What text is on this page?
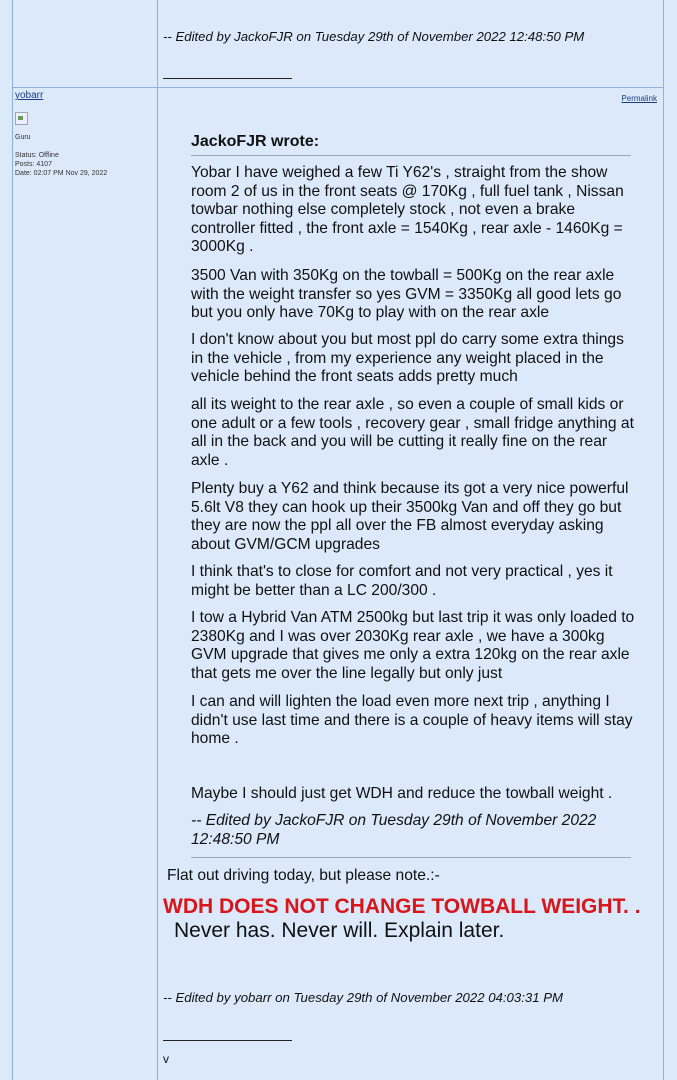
-- Edited by JackoFJR on Tuesday 29th of November 2022 12:48:50 PM
yobarr
Guru
Status: Offline
Posts: 4107
Date: 02:07 PM Nov 29, 2022
Permalink
JackoFJR wrote:
Yobar I have weighed a few Ti Y62's , straight from the show room 2 of us in the front seats @ 170Kg , full fuel tank , Nissan towbar nothing else completely stock , not even a brake controller fitted , the front axle = 1540Kg , rear axle - 1460Kg = 3000Kg .
3500 Van with 350Kg on the towball = 500Kg on the rear axle with the weight transfer so yes GVM = 3350Kg all good lets go but you only have 70Kg to play with on the rear axle
I don't know about you but most ppl do carry some extra things in the vehicle , from my experience any weight placed in the vehicle behind the front seats adds pretty much
all its weight to the rear axle , so even a couple of small kids or one adult or a few tools , recovery gear , small fridge anything at all in the back and you will be cutting it really fine on the rear axle .
Plenty buy a Y62 and think because its got a very nice powerful 5.6lt V8 they can hook up their 3500kg Van and off they go but they are now the ppl all over the FB almost everyday asking about GVM/GCM upgrades
I think that's to close for comfort and not very practical , yes it might be better than a LC 200/300 .
I tow a Hybrid Van ATM 2500kg but last trip it was only loaded to 2380Kg and I was over 2030Kg rear axle , we have a 300kg GVM upgrade that gives me only a extra 120kg on the rear axle that gets me over the line legally but only just
I can and will lighten the load even more next trip , anything I didn't use last time and there is a couple of heavy items will stay home .
Maybe I should just get WDH and reduce the towball weight .
-- Edited by JackoFJR on Tuesday 29th of November 2022 12:48:50 PM
Flat out driving today, but please note.:-
WDH DOES NOT CHANGE TOWBALL WEIGHT. .
Never has. Never will. Explain later.
-- Edited by yobarr on Tuesday 29th of November 2022 04:03:31 PM
v
